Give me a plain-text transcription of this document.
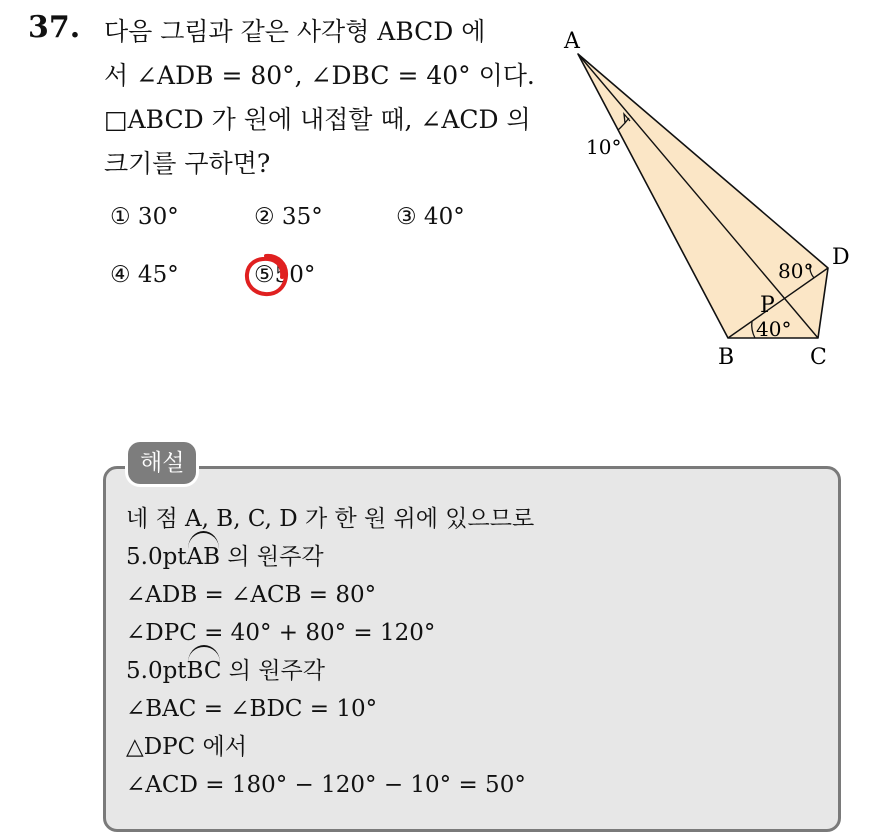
37. 다음 그림과 같은 사각형 ABCD 에
서 ∠ADB = 80°, ∠DBC = 40° 이다.
□ABCD 가 원에 내접할 때, ∠ACD 의
크기를 구하면?
① 30°	② 35°	③ 40°
④ 45°	⑤50°
A
B	C
D
P
10°
80°
40°
해설
네 점 A, B, C, D 가 한 원 위에 있으므로
5.0ptAB 의 원주각
∠ADB = ∠ACB = 80°
∠DPC = 40° + 80° = 120°
5.0ptBC 의 원주각
∠BAC = ∠BDC = 10°
△DPC 에서
∠ACD = 180° − 120° − 10° = 50°
